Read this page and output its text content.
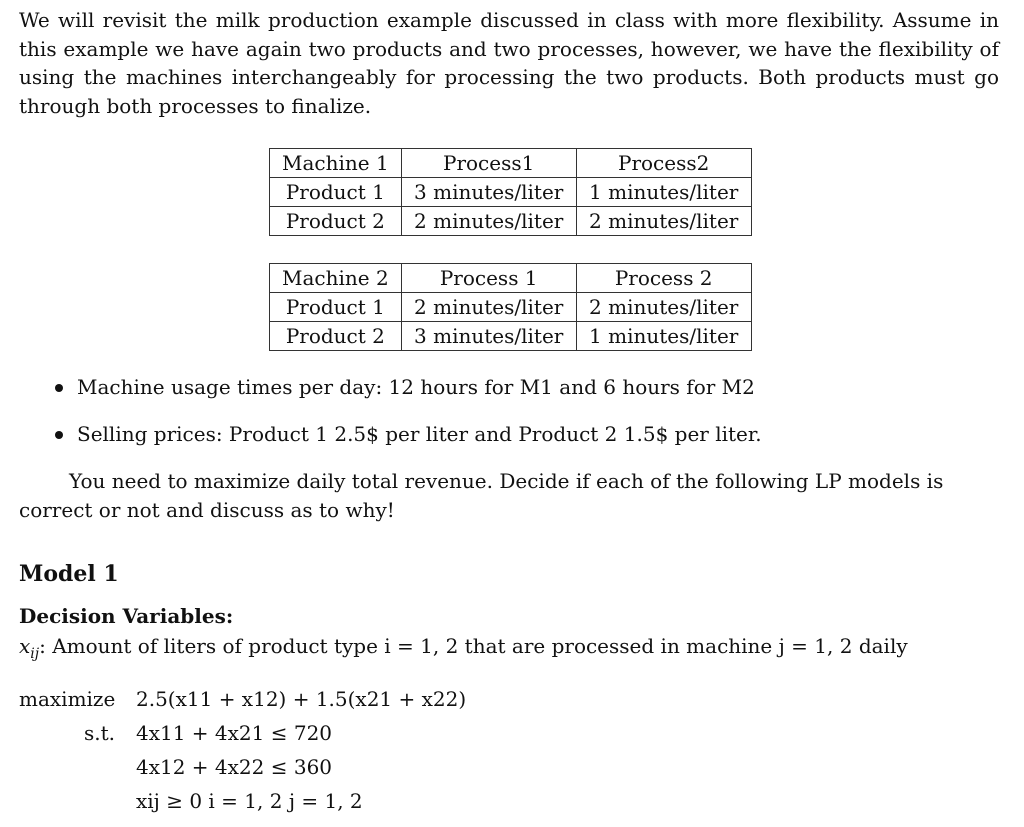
We will revisit the milk production example discussed in class with more flexibility. Assume in this example we have again two products and two processes, however, we have the flexibility of using the machines interchangeably for processing the two products. Both products must go through both processes to finalize.

Machine 1	Process1	Process2
Product 1	3 minutes/liter	1 minutes/liter
Product 2	2 minutes/liter	2 minutes/liter
Machine 2	Process 1	Process 2
Product 1	2 minutes/liter	2 minutes/liter
Product 2	3 minutes/liter	1 minutes/liter
Machine usage times per day: 12 hours for M1 and 6 hours for M2
Selling prices: Product 1 2.5$ per liter and Product 2 1.5$ per liter.

You need to maximize daily total revenue. Decide if each of the following LP models is correct or not and discuss as to why!

Model 1
Decision Variables:
$x_{ij}$: Amount of liters of product type i = 1, 2 that are processed in machine j = 1, 2 daily
maximize 2.5(x11 + x12) + 1.5(x21 + x22)
s.t. 4x11 + 4x21 ≤ 720
4x12 + 4x22 ≤ 360
xij ≥ 0 i = 1, 2 j = 1, 2
